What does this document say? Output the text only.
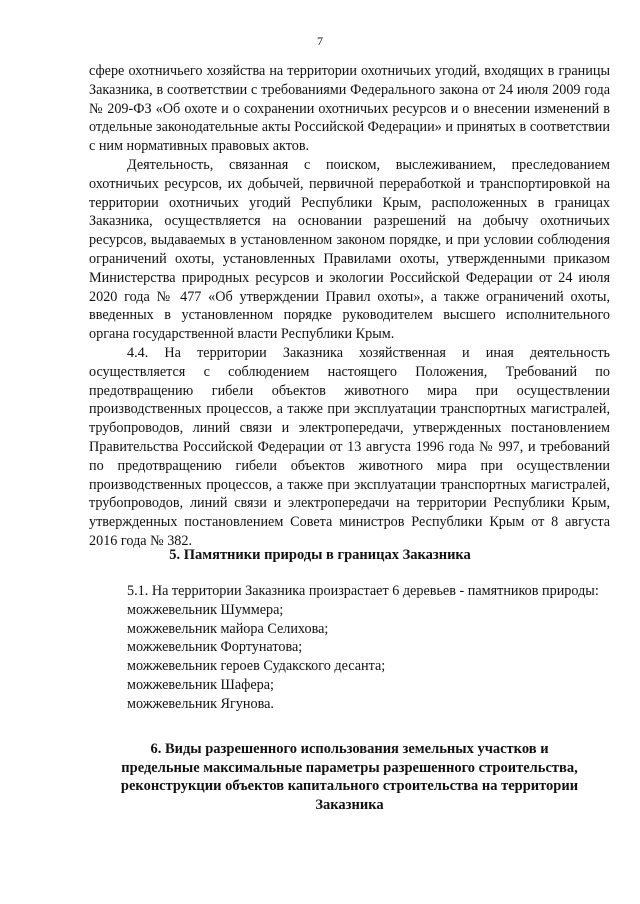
7

сфере охотничьего хозяйства на территории охотничьих угодий, входящих в границы Заказника, в соответствии с требованиями Федерального закона от 24 июля 2009 года № 209-ФЗ «Об охоте и о сохранении охотничьих ресурсов и о внесении изменений в отдельные законодательные акты Российской Федерации» и принятых в соответствии с ним нормативных правовых актов.

Деятельность, связанная с поиском, выслеживанием, преследованием охотничьих ресурсов, их добычей, первичной переработкой и транспортировкой на территории охотничьих угодий Республики Крым, расположенных в границах Заказника, осуществляется на основании разрешений на добычу охотничьих ресурсов, выдаваемых в установленном законом порядке, и при условии соблюдения ограничений охоты, установленных Правилами охоты, утвержденными приказом Министерства природных ресурсов и экологии Российской Федерации от 24 июля 2020 года № 477 «Об утверждении Правил охоты», а также ограничений охоты, введенных в установленном порядке руководителем высшего исполнительного органа государственной власти Республики Крым.

4.4. На территории Заказника хозяйственная и иная деятельность осуществляется с соблюдением настоящего Положения, Требований по предотвращению гибели объектов животного мира при осуществлении производственных процессов, а также при эксплуатации транспортных магистралей, трубопроводов, линий связи и электропередачи, утвержденных постановлением Правительства Российской Федерации от 13 августа 1996 года № 997, и требований по предотвращению гибели объектов животного мира при осуществлении производственных процессов, а также при эксплуатации транспортных магистралей, трубопроводов, линий связи и электропередачи на территории Республики Крым, утвержденных постановлением Совета министров Республики Крым от 8 августа 2016 года № 382.

5. Памятники природы в границах Заказника

5.1. На территории Заказника произрастает 6 деревьев - памятников природы:

можжевельник Шуммера;
можжевельник майора Селихова;
можжевельник Фортунатова;
можжевельник героев Судакского десанта;
можжевельник Шафера;
можжевельник Ягунова.
6. Виды разрешенного использования земельных участков и
предельные максимальные параметры разрешенного строительства,
реконструкции объектов капитального строительства на территории
Заказника
